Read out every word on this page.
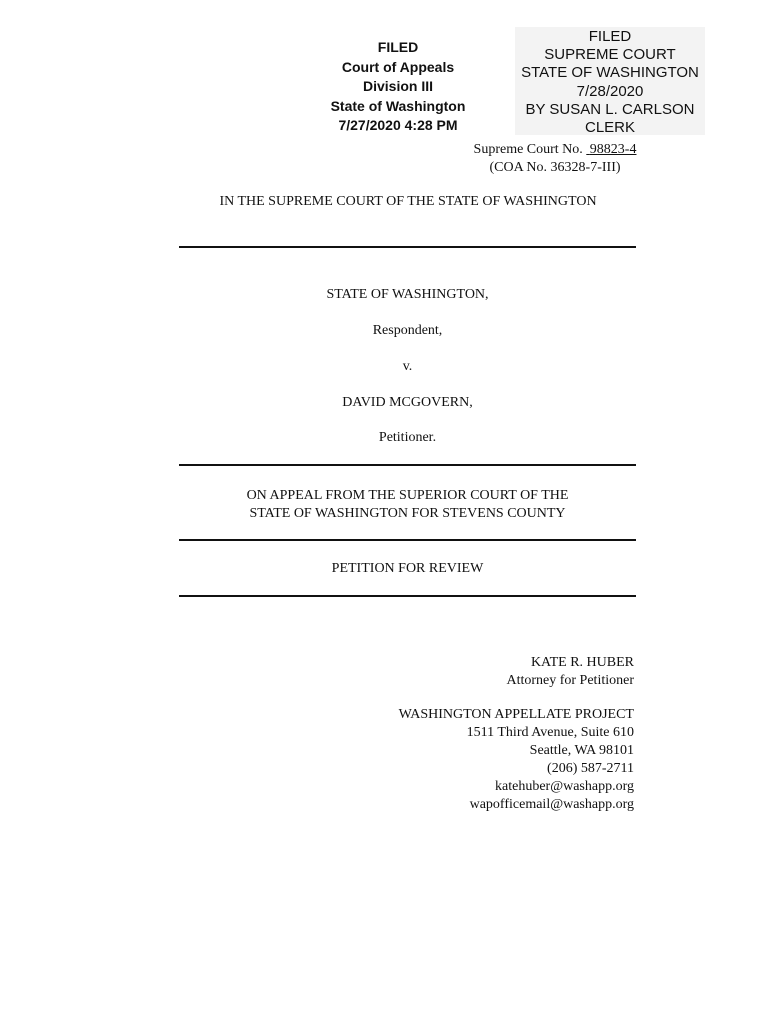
FILED
Court of Appeals
Division III
State of Washington
7/27/2020 4:28 PM
FILED
SUPREME COURT
STATE OF WASHINGTON
7/28/2020
BY SUSAN L. CARLSON
CLERK
Supreme Court No. 98823-4
(COA No. 36328-7-III)
IN THE SUPREME COURT OF THE STATE OF WASHINGTON
STATE OF WASHINGTON,
Respondent,
v.
DAVID MCGOVERN,
Petitioner.
ON APPEAL FROM THE SUPERIOR COURT OF THE
STATE OF WASHINGTON FOR STEVENS COUNTY
PETITION FOR REVIEW
KATE R. HUBER
Attorney for Petitioner
WASHINGTON APPELLATE PROJECT
1511 Third Avenue, Suite 610
Seattle, WA 98101
(206) 587-2711
katehuber@washapp.org
wapofficemail@washapp.org
